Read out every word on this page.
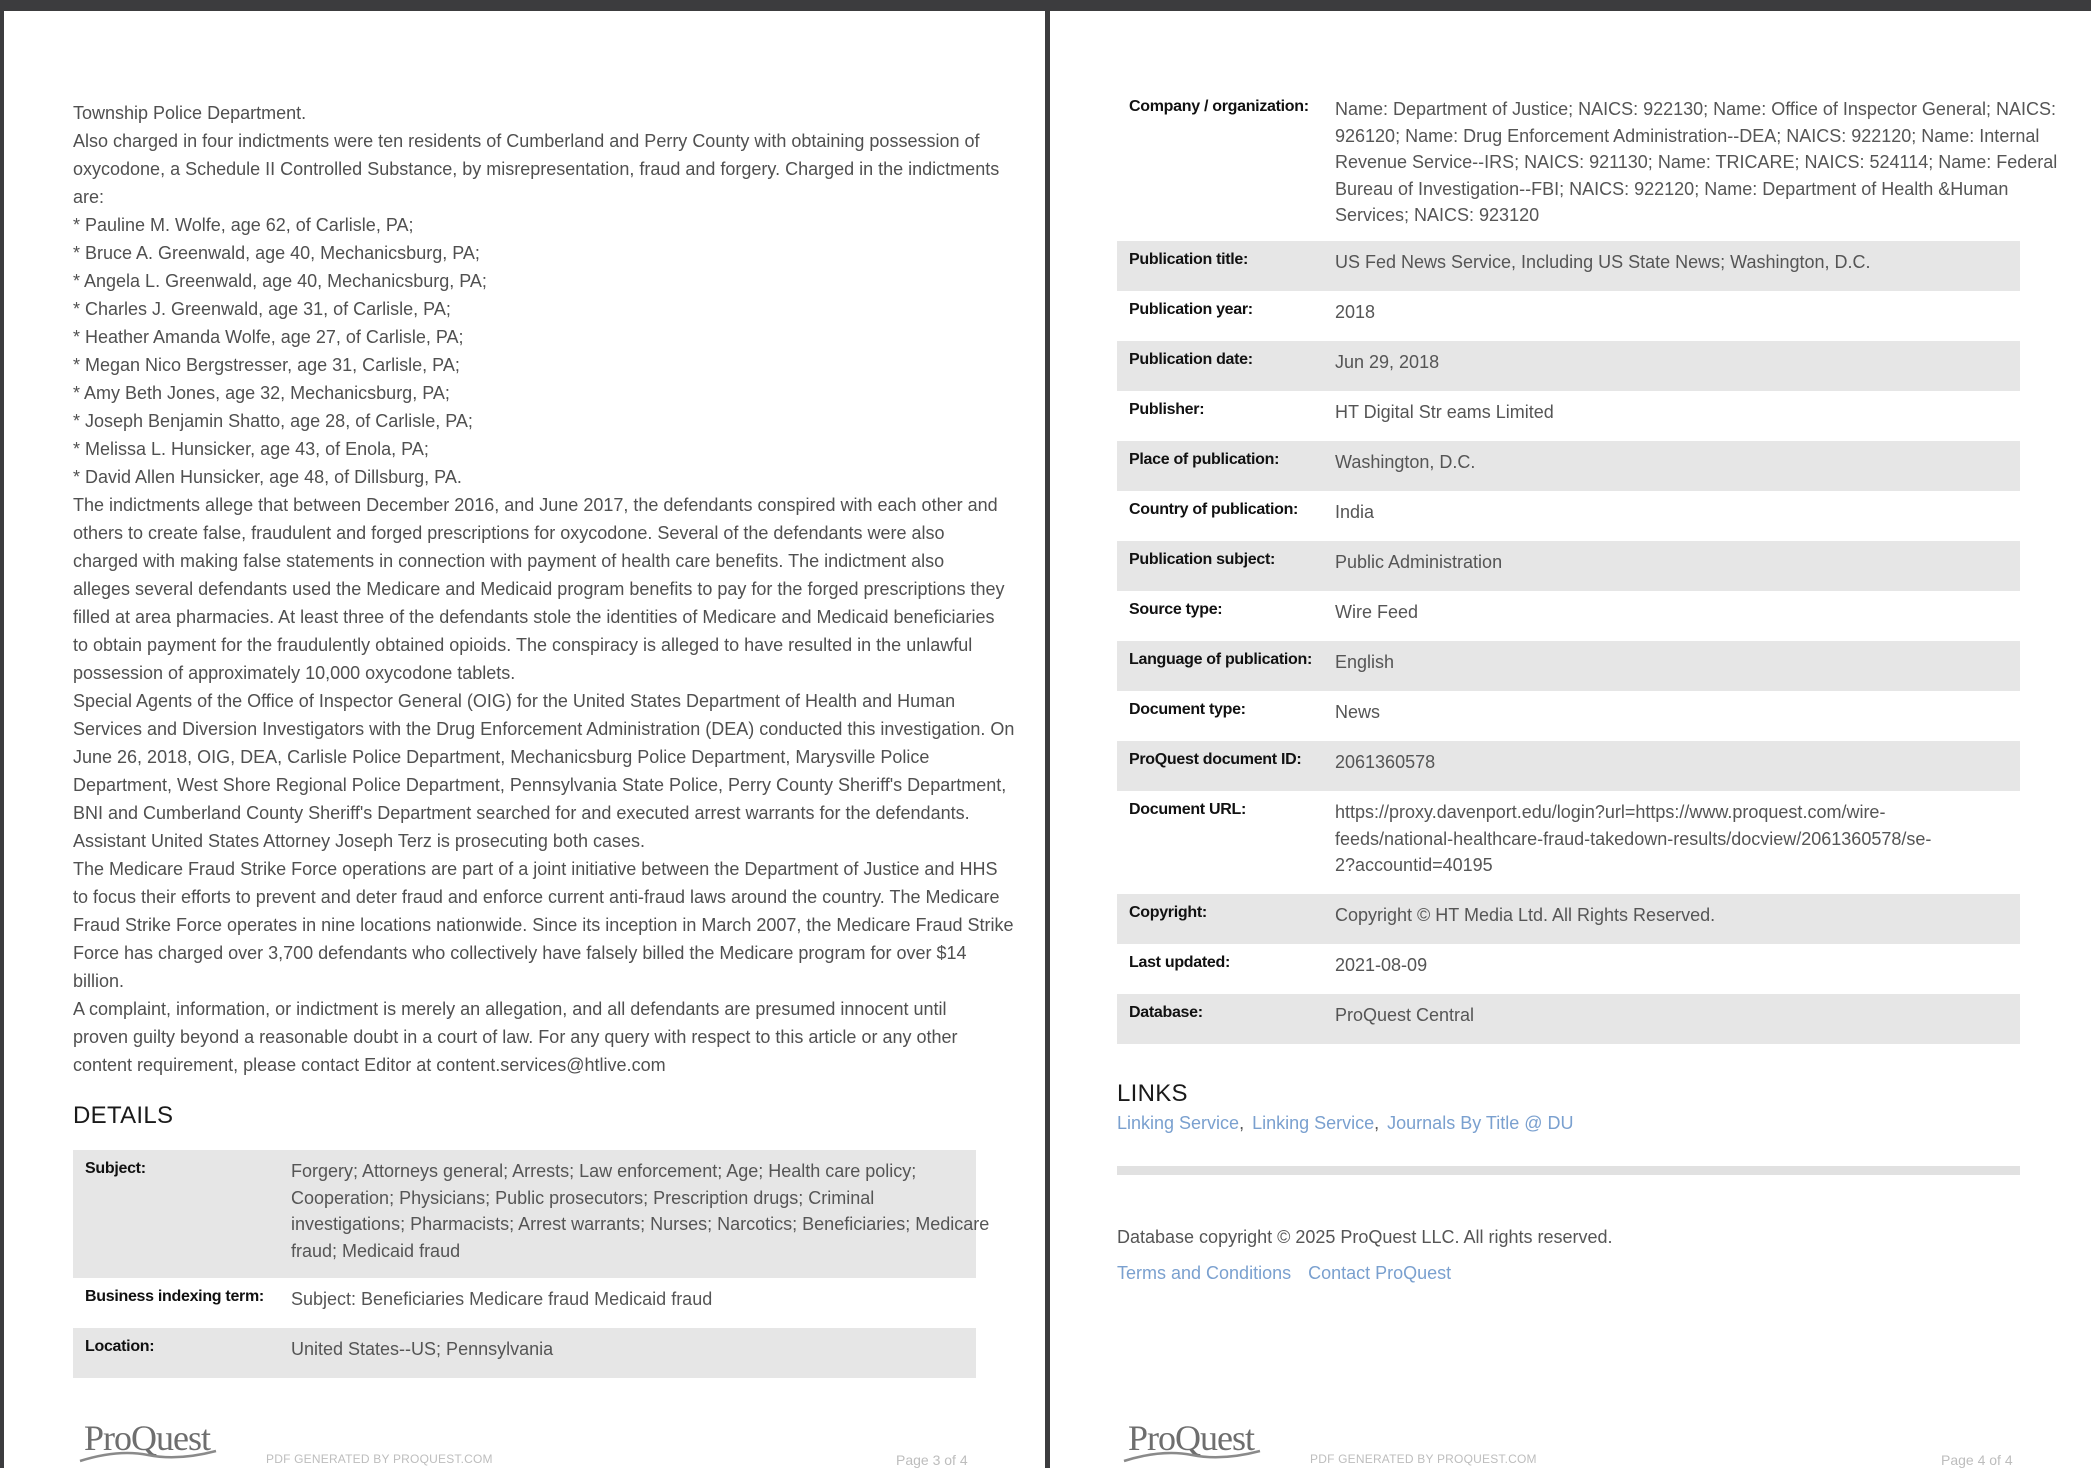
Township Police Department.
Also charged in four indictments were ten residents of Cumberland and Perry County with obtaining possession of
oxycodone, a Schedule II Controlled Substance, by misrepresentation, fraud and forgery. Charged in the indictments
are:
* Pauline M. Wolfe, age 62, of Carlisle, PA;
* Bruce A. Greenwald, age 40, Mechanicsburg, PA;
* Angela L. Greenwald, age 40, Mechanicsburg, PA;
* Charles J. Greenwald, age 31, of Carlisle, PA;
* Heather Amanda Wolfe, age 27, of Carlisle, PA;
* Megan Nico Bergstresser, age 31, Carlisle, PA;
* Amy Beth Jones, age 32, Mechanicsburg, PA;
* Joseph Benjamin Shatto, age 28, of Carlisle, PA;
* Melissa L. Hunsicker, age 43, of Enola, PA;
* David Allen Hunsicker, age 48, of Dillsburg, PA.
The indictments allege that between December 2016, and June 2017, the defendants conspired with each other and
others to create false, fraudulent and forged prescriptions for oxycodone. Several of the defendants were also
charged with making false statements in connection with payment of health care benefits. The indictment also
alleges several defendants used the Medicare and Medicaid program benefits to pay for the forged prescriptions they
filled at area pharmacies. At least three of the defendants stole the identities of Medicare and Medicaid beneficiaries
to obtain payment for the fraudulently obtained opioids. The conspiracy is alleged to have resulted in the unlawful
possession of approximately 10,000 oxycodone tablets.
Special Agents of the Office of Inspector General (OIG) for the United States Department of Health and Human
Services and Diversion Investigators with the Drug Enforcement Administration (DEA) conducted this investigation. On
June 26, 2018, OIG, DEA, Carlisle Police Department, Mechanicsburg Police Department, Marysville Police
Department, West Shore Regional Police Department, Pennsylvania State Police, Perry County Sheriff's Department,
BNI and Cumberland County Sheriff's Department searched for and executed arrest warrants for the defendants.
Assistant United States Attorney Joseph Terz is prosecuting both cases.
The Medicare Fraud Strike Force operations are part of a joint initiative between the Department of Justice and HHS
to focus their efforts to prevent and deter fraud and enforce current anti-fraud laws around the country. The Medicare
Fraud Strike Force operates in nine locations nationwide. Since its inception in March 2007, the Medicare Fraud Strike
Force has charged over 3,700 defendants who collectively have falsely billed the Medicare program for over $14
billion.
A complaint, information, or indictment is merely an allegation, and all defendants are presumed innocent until
proven guilty beyond a reasonable doubt in a court of law. For any query with respect to this article or any other
content requirement, please contact Editor at content.services@htlive.com
DETAILS
Subject:	Forgery; Attorneys general; Arrests; Law enforcement; Age; Health care policy;
Cooperation; Physicians; Public prosecutors; Prescription drugs; Criminal
investigations; Pharmacists; Arrest warrants; Nurses; Narcotics; Beneficiaries; Medicare
fraud; Medicaid fraud
Business indexing term:	Subject: Beneficiaries Medicare fraud Medicaid fraud
Location:	United States--US; Pennsylvania
ProQuest
PDF GENERATED BY PROQUEST.COM	Page 3 of 4
Company / organization:	Name: Department of Justice; NAICS: 922130; Name: Office of Inspector General; NAICS:
926120; Name: Drug Enforcement Administration--DEA; NAICS: 922120; Name: Internal
Revenue Service--IRS; NAICS: 921130; Name: TRICARE; NAICS: 524114; Name: Federal
Bureau of Investigation--FBI; NAICS: 922120; Name: Department of Health &Human
Services; NAICS: 923120
Publication title:	US Fed News Service, Including US State News; Washington, D.C.
Publication year:	2018
Publication date:	Jun 29, 2018
Publisher:	HT Digital Str eams Limited
Place of publication:	Washington, D.C.
Country of publication:	India
Publication subject:	Public Administration
Source type:	Wire Feed
Language of publication:	English
Document type:	News
ProQuest document ID:	2061360578
Document URL:	https://proxy.davenport.edu/login?url=https://www.proquest.com/wire-
feeds/national-healthcare-fraud-takedown-results/docview/2061360578/se-
2?accountid=40195
Copyright:	Copyright © HT Media Ltd. All Rights Reserved.
Last updated:	2021-08-09
Database:	ProQuest Central
LINKS
Linking Service, Linking Service, Journals By Title @ DU
Database copyright © 2025 ProQuest LLC. All rights reserved.
Terms and Conditions Contact ProQuest
ProQuest
PDF GENERATED BY PROQUEST.COM	Page 4 of 4
